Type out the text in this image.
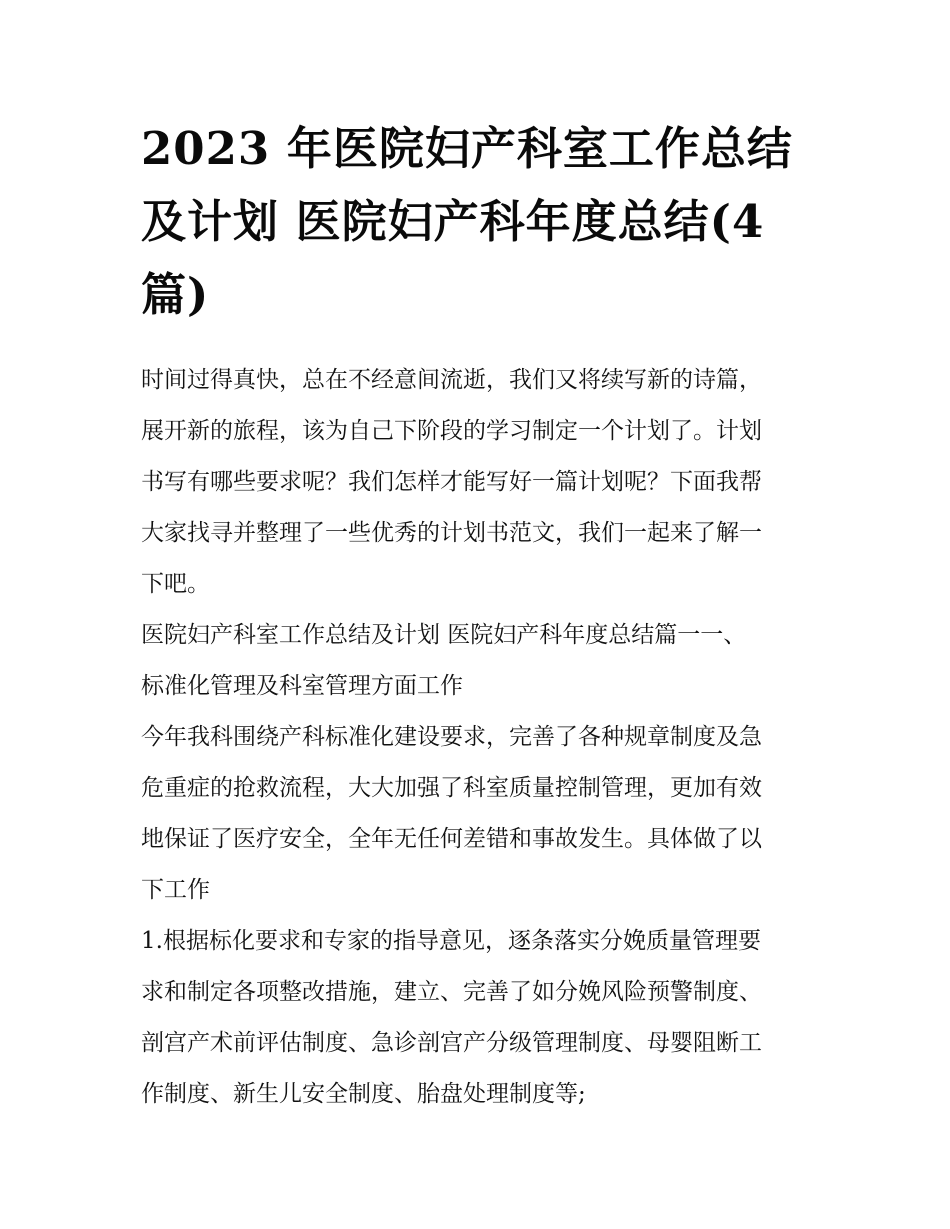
2023 年医院妇产科室工作总结
及计划 医院妇产科年度总结(4
篇)

时间过得真快，总在不经意间流逝，我们又将续写新的诗篇，
展开新的旅程，该为自己下阶段的学习制定一个计划了。计划
书写有哪些要求呢？我们怎样才能写好一篇计划呢？下面我帮
大家找寻并整理了一些优秀的计划书范文，我们一起来了解一
下吧。

医院妇产科室工作总结及计划 医院妇产科年度总结篇一一、
标准化管理及科室管理方面工作

今年我科围绕产科标准化建设要求，完善了各种规章制度及急
危重症的抢救流程，大大加强了科室质量控制管理，更加有效
地保证了医疗安全，全年无任何差错和事故发生。具体做了以
下工作

1.根据标化要求和专家的指导意见，逐条落实分娩质量管理要
求和制定各项整改措施，建立、完善了如分娩风险预警制度、
剖宫产术前评估制度、急诊剖宫产分级管理制度、母婴阻断工
作制度、新生儿安全制度、胎盘处理制度等;
